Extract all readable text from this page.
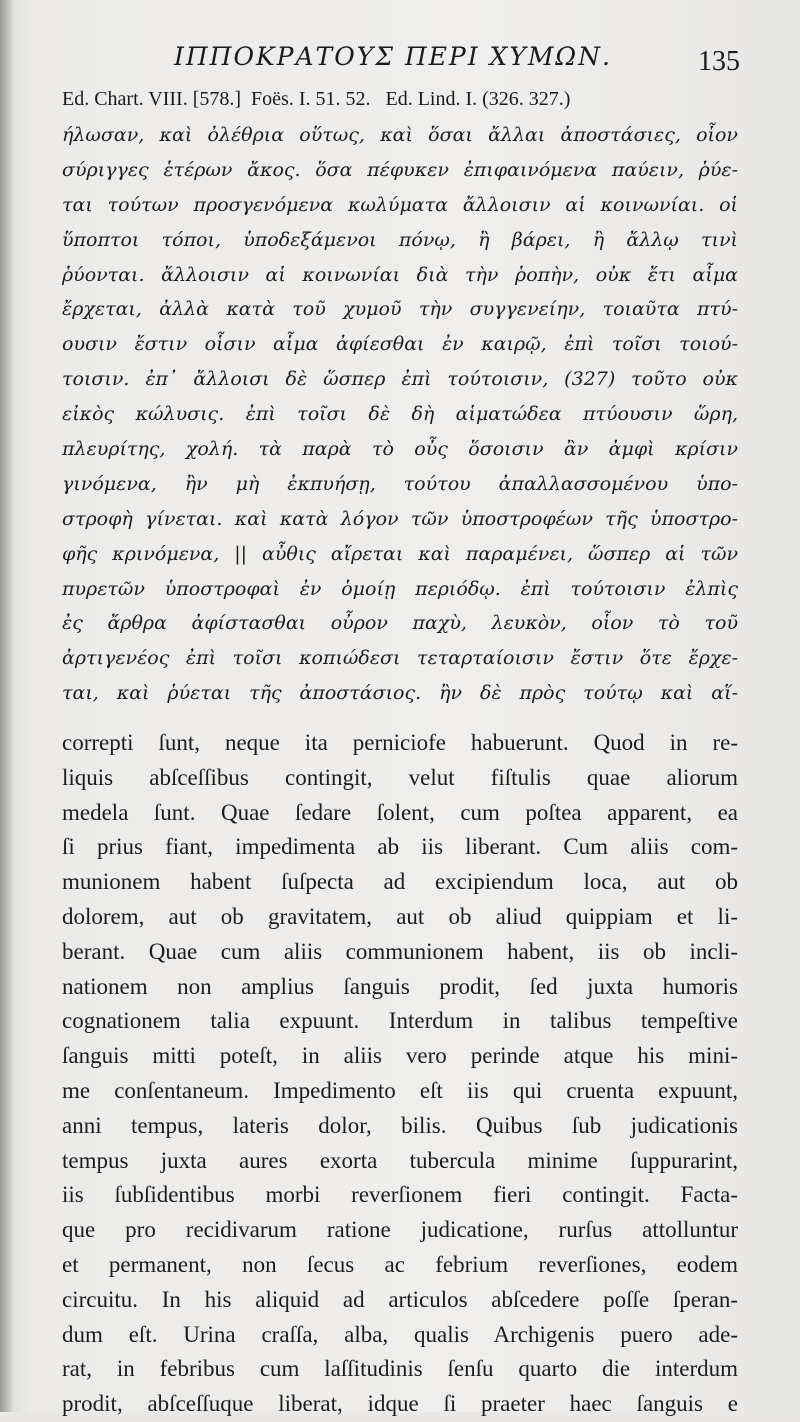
ΙΠΠΟΚΡΑΤΟΥΣ ΠΕΡΙ ΧΥΜΩΝ.	135
Ed. Chart. VIII. [578.]  Foës. I. 51. 52.   Ed. Lind. I. (326. 327.)
ήλωσαν, καὶ ὀλέθρια οὕτως, καὶ ὅσαι ἄλλαι ἀποστάσιες, οἷον
σύριγγες ἑτέρων ἄκος. ὅσα πέφυκεν ἐπιφαινόμενα παύειν, ῥύε-
ται τούτων προσγενόμενα κωλύματα ἄλλοισιν αἱ κοινωνίαι. οἱ
ὕποπτοι τόποι, ὑποδεξάμενοι πόνῳ, ἢ βάρει, ἢ ἄλλῳ τινὶ
ῥύονται. ἄλλοισιν αἱ κοινωνίαι διὰ τὴν ῥοπὴν, οὐκ ἔτι αἷμα
ἔρχεται, ἀλλὰ κατὰ τοῦ χυμοῦ τὴν συγγενείην, τοιαῦτα πτύ-
ουσιν ἔστιν οἷσιν αἷμα ἀφίεσθαι ἐν καιρῷ, ἐπὶ τοῖσι τοιού-
τοισιν. ἐπ᾽ ἄλλοισι δὲ ὥσπερ ἐπὶ τούτοισιν, (327) τοῦτο οὐκ
εἰκὸς κώλυσις. ἐπὶ τοῖσι δὲ δὴ αἱματώδεα πτύουσιν ὥρη,
πλευρίτης, χολή. τὰ παρὰ τὸ οὖς ὅσοισιν ἂν ἀμφὶ κρίσιν
γινόμενα, ἢν μὴ ἐκπυήσῃ, τούτου ἀπαλλασσομένου ὑπο-
στροφὴ γίνεται. καὶ κατὰ λόγον τῶν ὑποστροφέων τῆς ὑποστρο-
φῆς κρινόμενα, || αὖθις αἴρεται καὶ παραμένει, ὥσπερ αἱ τῶν
πυρετῶν ὑποστροφαὶ ἐν ὁμοίῃ περιόδῳ. ἐπὶ τούτοισιν ἐλπὶς
ἐς ἄρθρα ἀφίστασθαι οὖρον παχὺ, λευκὸν, οἷον τὸ τοῦ
ἀρτιγενέος ἐπὶ τοῖσι κοπιώδεσι τεταρταίοισιν ἔστιν ὅτε ἔρχε-
ται, καὶ ῥύεται τῆς ἀποστάσιος. ἢν δὲ πρὸς τούτῳ καὶ αἵ-
correpti ſunt, neque ita perniciofe habuerunt. Quod in re-
liquis abſceſſibus contingit, velut fiſtulis quae aliorum
medela ſunt. Quae ſedare ſolent, cum poſtea apparent, ea
ſi prius fiant, impedimenta ab iis liberant. Cum aliis com-
munionem habent ſuſpecta ad excipiendum loca, aut ob
dolorem, aut ob gravitatem, aut ob aliud quippiam et li-
berant. Quae cum aliis communionem habent, iis ob incli-
nationem non amplius ſanguis prodit, ſed juxta humoris
cognationem talia expuunt. Interdum in talibus tempeſtive
ſanguis mitti poteſt, in aliis vero perinde atque his mini-
me conſentaneum. Impedimento eſt iis qui cruenta expuunt,
anni tempus, lateris dolor, bilis. Quibus ſub judicationis
tempus juxta aures exorta tubercula minime ſuppurarint,
iis ſubſidentibus morbi reverſionem fieri contingit. Facta-
que pro recidivarum ratione judicatione, rurſus attolluntur
et permanent, non ſecus ac febrium reverſiones, eodem
circuitu. In his aliquid ad articulos abſcedere poſſe ſperan-
dum eſt. Urina craſſa, alba, qualis Archigenis puero ade-
rat, in febribus cum laſſitudinis ſenſu quarto die interdum
prodit, abſceſſuque liberat, idque ſi praeter haec ſanguis e
